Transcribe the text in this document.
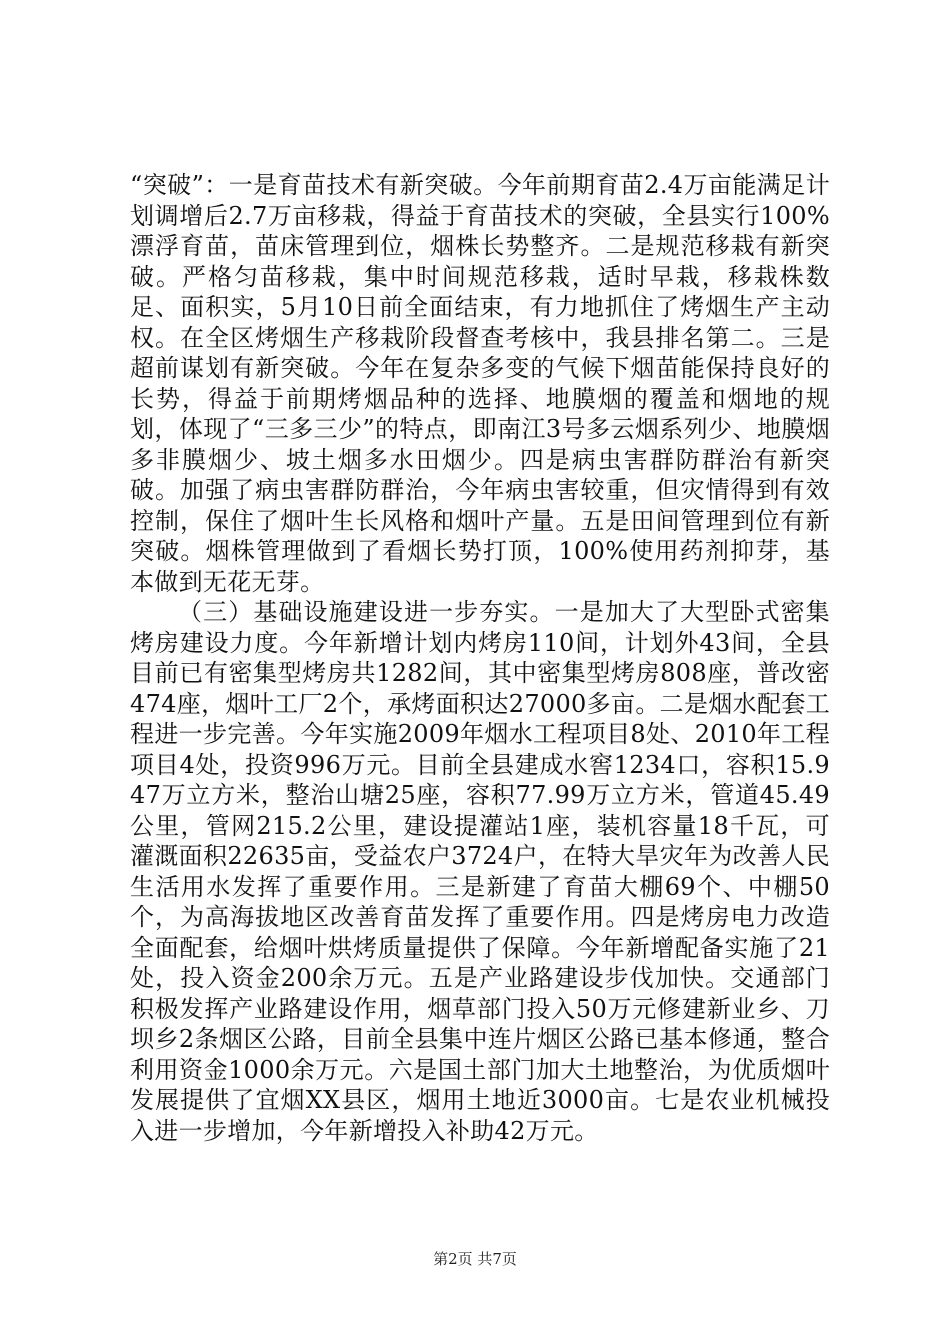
“突破”：一是育苗技术有新突破。今年前期育苗2.4万亩能满足计划调增后2.7万亩移栽，得益于育苗技术的突破，全县实行100%漂浮育苗，苗床管理到位，烟株长势整齐。二是规范移栽有新突破。严格匀苗移栽，集中时间规范移栽，适时早栽，移栽株数足、面积实，5月10日前全面结束，有力地抓住了烤烟生产主动权。在全区烤烟生产移栽阶段督查考核中，我县排名第二。三是超前谋划有新突破。今年在复杂多变的气候下烟苗能保持良好的长势，得益于前期烤烟品种的选择、地膜烟的覆盖和烟地的规划，体现了“三多三少”的特点，即南江3号多云烟系列少、地膜烟多非膜烟少、坡土烟多水田烟少。四是病虫害群防群治有新突破。加强了病虫害群防群治，今年病虫害较重，但灾情得到有效控制，保住了烟叶生长风格和烟叶产量。五是田间管理到位有新突破。烟株管理做到了看烟长势打顶，100%使用药剂抑芽，基本做到无花无芽。

（三）基础设施建设进一步夯实。一是加大了大型卧式密集烤房建设力度。今年新增计划内烤房110间，计划外43间，全县目前已有密集型烤房共1282间，其中密集型烤房808座，普改密474座，烟叶工厂2个，承烤面积达27000多亩。二是烟水配套工程进一步完善。今年实施2009年烟水工程项目8处、2010年工程项目4处，投资996万元。目前全县建成水窖1234口，容积15.947万立方米，整治山塘25座，容积77.99万立方米，管道45.49公里，管网215.2公里，建设提灌站1座，装机容量18千瓦，可灌溉面积22635亩，受益农户3724户，在特大旱灾年为改善人民生活用水发挥了重要作用。三是新建了育苗大棚69个、中棚50个，为高海拔地区改善育苗发挥了重要作用。四是烤房电力改造全面配套，给烟叶烘烤质量提供了保障。今年新增配备实施了21处，投入资金200余万元。五是产业路建设步伐加快。交通部门积极发挥产业路建设作用，烟草部门投入50万元修建新业乡、刀坝乡2条烟区公路，目前全县集中连片烟区公路已基本修通，整合利用资金1000余万元。六是国土部门加大土地整治，为优质烟叶发展提供了宜烟XX县区，烟用土地近3000亩。七是农业机械投入进一步增加，今年新增投入补助42万元。

第2页 共7页
